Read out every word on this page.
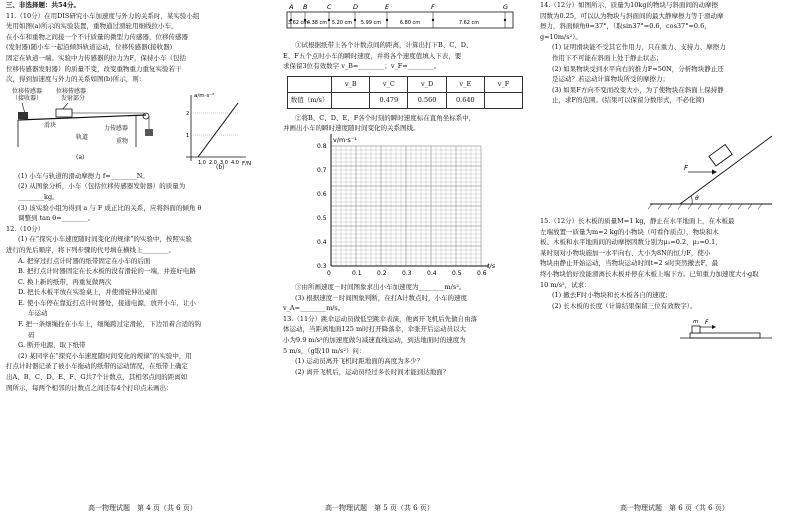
三、非选择题：共54分。

11.（10分）在用DIS研究小车加速度与外力的关系时，某实验小组

先用如图(a)所示的实验装置，重物通过滑轮用细线拉小车，

在小车和重物之间接一个不计质量的微型力传感器，位移传感器

(发射器)随小车一起沿倾斜轨道运动，位移传感器(接收器)

固定在轨道一端。实验中力传感器的拉力为F，保持小车（包括

位移传感器发射器）的质量不变，改变重物重力重复实验若干

次，得到加速度与外力的关系如图(b)所示，则：

位移传感器
（接收器）
位移传感器
发射部分
滑块
轨道
力传感器
重物
(a)
(b)
a/m·s⁻²
F/N
1.0 2.0 3.0 4.0
2
1

(1) 小车与轨道的滑动摩擦力 f=________N。

(2) 从图象分析，小车（包括位移传感器发射器）的质量为

________kg。

(3) 该实验小组为得到 a 与 F 成正比的关系，应将斜面的倾角 θ

调整到 tan θ=________。

12.（10分）

(1) 在“探究小车速度随时间变化的规律”的实验中，按照实验

进行的先后顺序，将下列步骤的代号填在横线上________。

A. 把穿过打点计时器的纸带固定在小车的后面

B. 把打点计时器固定在长木板的没有滑轮的一端，并连好电路

C. 换上新的纸带，再重复做两次

D. 把长木板平放在实验桌上，并使滑轮伸出桌面

E. 使小车停在靠近打点计时器处，接通电源，放开小车，让小

车运动

F. 把一条细绳拴在小车上，细绳跨过定滑轮，下边吊着合适的钩

码

G. 断开电源，取下纸带

(2) 某同学在“探究小车速度随时间变化的规律”的实验中，用

打点计时器记录了被小车拖动的纸带的运动情况，在纸带上确定

出A、B、C、D、E、F、G共7个计数点，其相邻点间的距离如

图所示，每两个相邻的计数点之间还有4个打印点未画出：

高一物理试题　第 4 页（共 6 页）
A B	C	D	E	F	G
3.62 cm
4.38 cm 5.20 cm 5.99 cm	6.80 cm	7.62 cm

①试根据纸带上各个计数点间的距离，计算出打下B、C、D、

E、F五个点时小车的瞬时速度，并将各个速度值填入下表，要

求保留3位有效数字 v_B=________；v_F=________。

	v_B	v_C	v_D	v_E	v_F
数值（m/s）		0.479	0.560	0.640	

②将B、C、D、E、F各个时刻的瞬时速度标在直角坐标系中，

并画出小车的瞬时速度随时间变化的关系图线。

0.8
0.7
0.6
0.5
0.4
0.3
0	0.1	0.2	0.3	0.4	0.5	0.6
v/m·s⁻¹
t/s

③由所画速度－时间图象求出小车加速度为________m/s²。

(3) 根据速度－时间图象判断，在打A计数点时，小车的速度

v_A=________m/s。

13.（11分）跳伞运动员做低空跳伞表演，他离开飞机后先做自由落

体运动，当距离地面125 m时打开降落伞，伞张开后运动员以大

小为9.9 m/s²的加速度做匀减速直线运动，到达地面时的速度为

5 m/s，（g取10 m/s²）问：

(1) 运动员离开飞机时距地面的高度为多少？

(2) 离开飞机后，运动员经过多长时间才能到达地面？

高一物理试题　第 5 页（共 6 页）

14.（12分）如图所示，质量为10kg的物块与斜面间的动摩擦

因数为0.25，可以认为物块与斜面间的最大静摩擦力等于滑动摩

擦力，斜面倾角θ=37°，（取sin37°=0.6，cos37°=0.6，

g=10m/s²）。

(1) 证明滑块能不受其它作用力，只在重力、支持力、摩擦力

作用下不可能在斜面上处于静止状态；

(2) 如果物块受到水平向右的推力F=50N，分析物块静止还

是运动？若运动计算物块所受的摩擦力；

(3) 如果F方向不变而改变大小，为了使物块在斜面上保持静

止，求F的范围。(结果可以保留分数形式，不必化简)

F
θ

15.（12分）长木板的质量M=1 kg，静止在水平地面上，在木板最

左端放置一质量为m=2 kg的小物块（可看作质点），物块和木

板、木板和水平地面间的动摩擦因数分别为μ₁=0.2，μ₂=0.1，

某时刻对小物块施加一水平向右、大小为8N的恒力F，使小

物块由静止开始运动，当物块运动时间t=2 s时突然撤去F，最

终小物块恰好没能滑离长木板并停在木板上端下方。已知重力加速度大小g取

10 m/s²，试求：

(1) 撤去F时小物块和长木板各自的速度；

(2) 长木板的长度（计算结果保留三位有效数字）。

F
m
高一物理试题　第 6 页（共 6 页）
